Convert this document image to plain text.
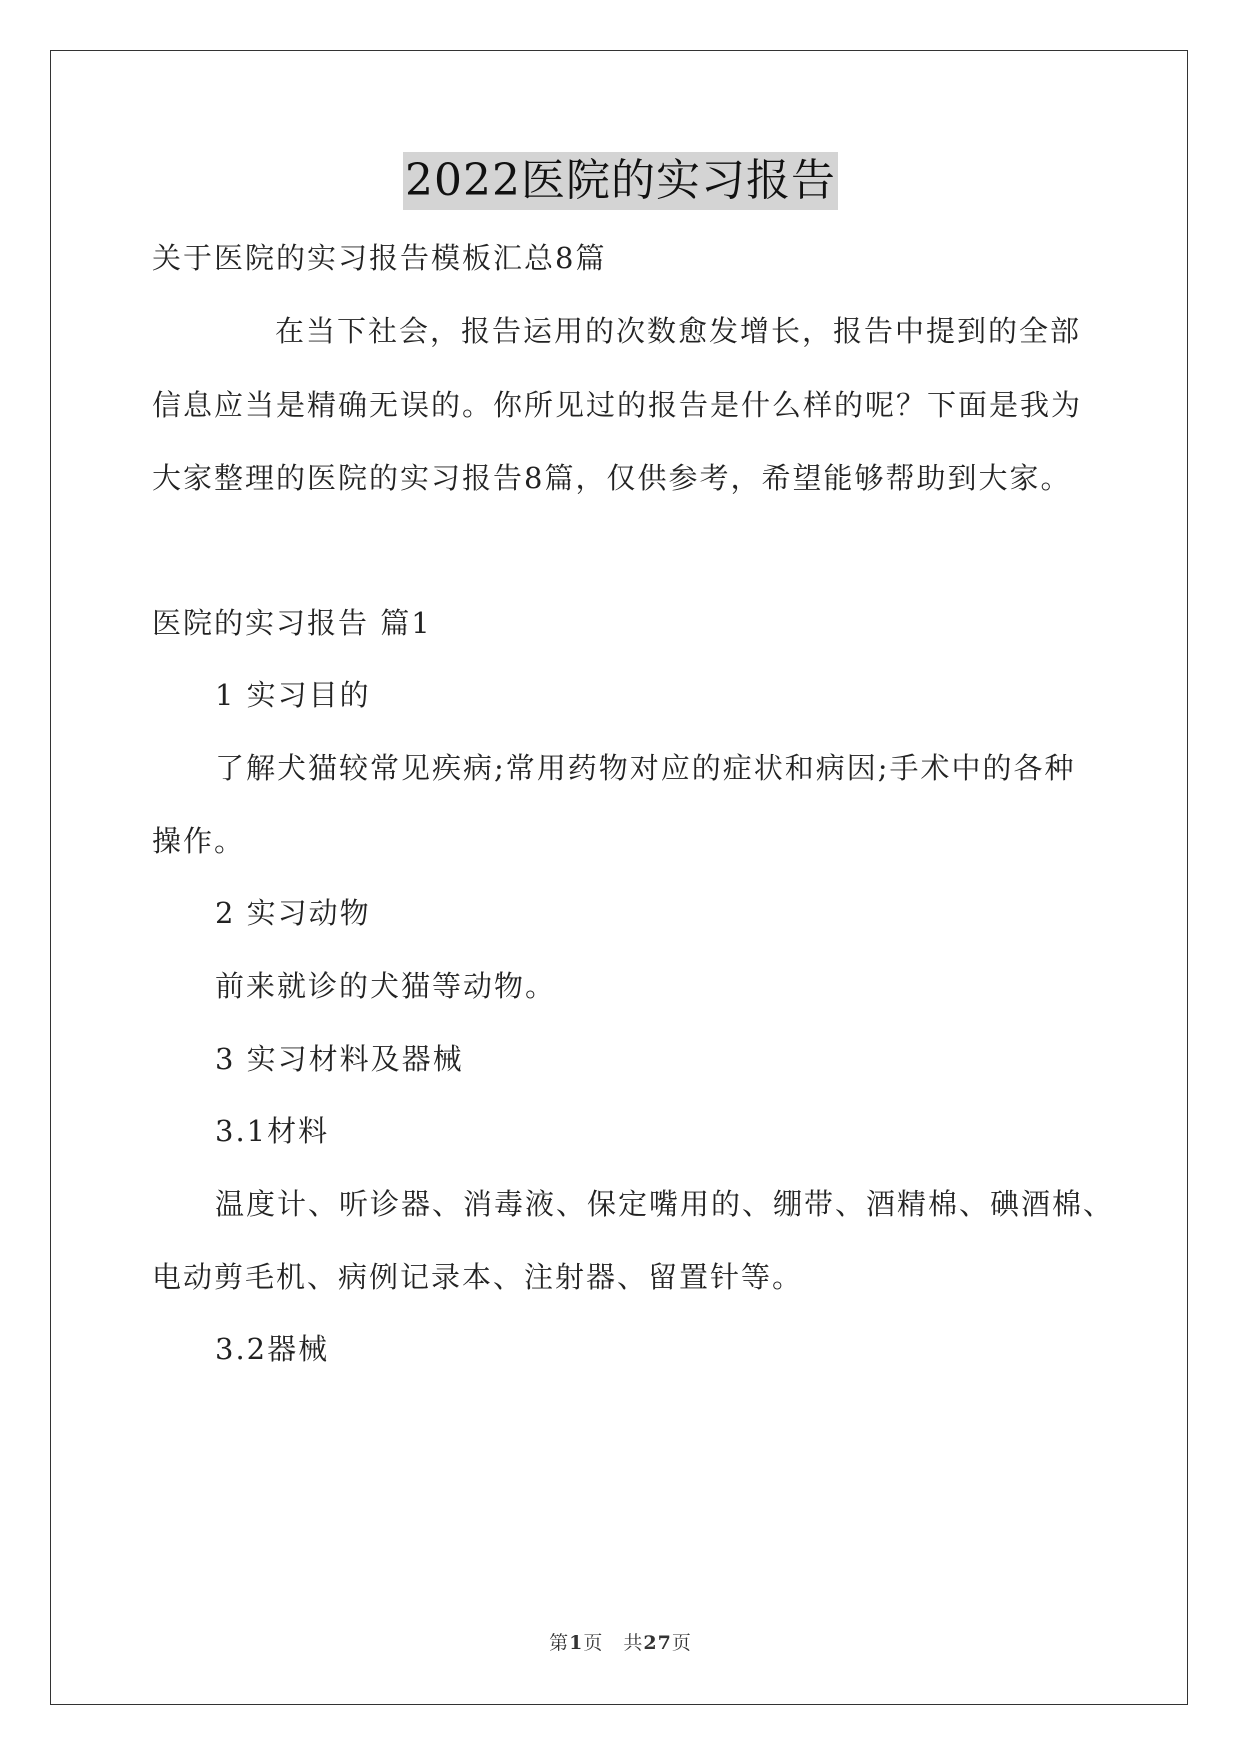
2022医院的实习报告
关于医院的实习报告模板汇总8篇
在当下社会，报告运用的次数愈发增长，报告中提到的全部
信息应当是精确无误的。你所见过的报告是什么样的呢？下面是我为
大家整理的医院的实习报告8篇，仅供参考，希望能够帮助到大家。
医院的实习报告 篇1
1 实习目的
了解犬猫较常见疾病;常用药物对应的症状和病因;手术中的各种
操作。
2 实习动物
前来就诊的犬猫等动物。
3 实习材料及器械
3.1材料
温度计、听诊器、消毒液、保定嘴用的、绷带、酒精棉、碘酒棉、
电动剪毛机、病例记录本、注射器、留置针等。
3.2器械
第1页　共27页
